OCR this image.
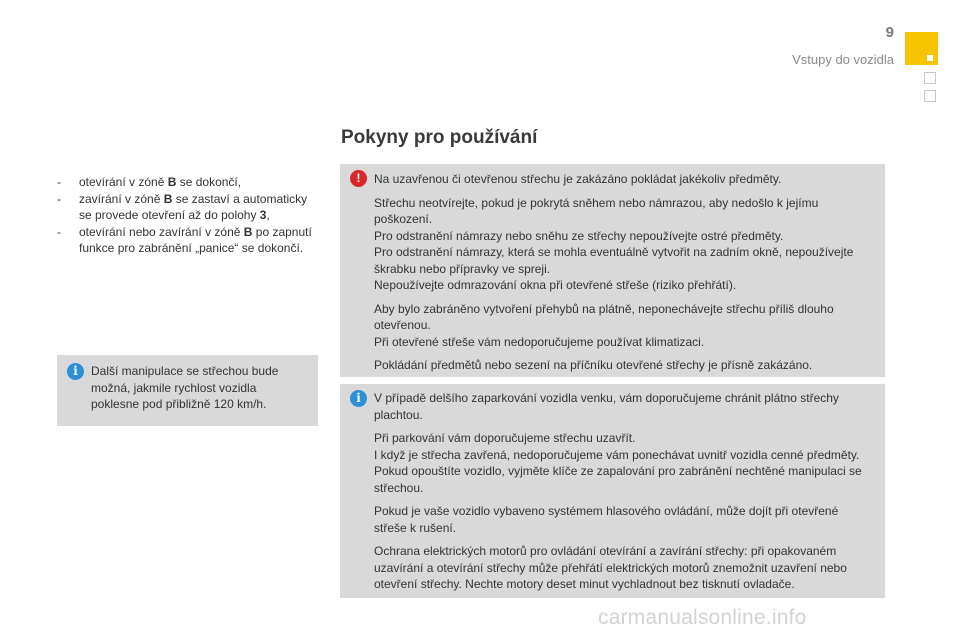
9
Vstupy do vozidla
Pokyny pro používání
- otevírání v zóně B se dokončí,
- zavírání v zóně B se zastaví a automaticky
se provede otevření až do polohy 3,
- otevírání nebo zavírání v zóně B po zapnutí
funkce pro zabránění „panice“ se dokončí.
i	Další manipulace se střechou bude
možná, jakmile rychlost vozidla
poklesne pod přibližně 120 km/h.

!	Na uzavřenou či otevřenou střechu je zakázáno pokládat jakékoliv předměty.

Střechu neotvírejte, pokud je pokrytá sněhem nebo námrazou, aby nedošlo k jejímu poškození.
Pro odstranění námrazy nebo sněhu ze střechy nepoužívejte ostré předměty.
Pro odstranění námrazy, která se mohla eventuálně vytvořit na zadním okně, nepoužívejte
škrabku nebo přípravky ve spreji.
Nepoužívejte odmrazování okna při otevřené střeše (riziko přehřátí).

Aby bylo zabráněno vytvoření přehybů na plátně, neponechávejte střechu příliš dlouho
otevřenou.
Při otevřené střeše vám nedoporučujeme používat klimatizaci.

Pokládání předmětů nebo sezení na příčníku otevřené střechy je přísně zakázáno.

i	V případě delšího zaparkování vozidla venku, vám doporučujeme chránit plátno střechy
plachtou.

Při parkování vám doporučujeme střechu uzavřít.
I když je střecha zavřená, nedoporučujeme vám ponechávat uvnitř vozidla cenné předměty.
Pokud opouštíte vozidlo, vyjměte klíče ze zapalování pro zabránění nechtěné manipulaci se
střechou.

Pokud je vaše vozidlo vybaveno systémem hlasového ovládání, může dojít při otevřené
střeše k rušení.

Ochrana elektrických motorů pro ovládání otevírání a zavírání střechy: při opakovaném
uzavírání a otevírání střechy může přehřátí elektrických motorů znemožnit uzavření nebo
otevření střechy. Nechte motory deset minut vychladnout bez tisknutí ovladače.

carmanualsonline.info
